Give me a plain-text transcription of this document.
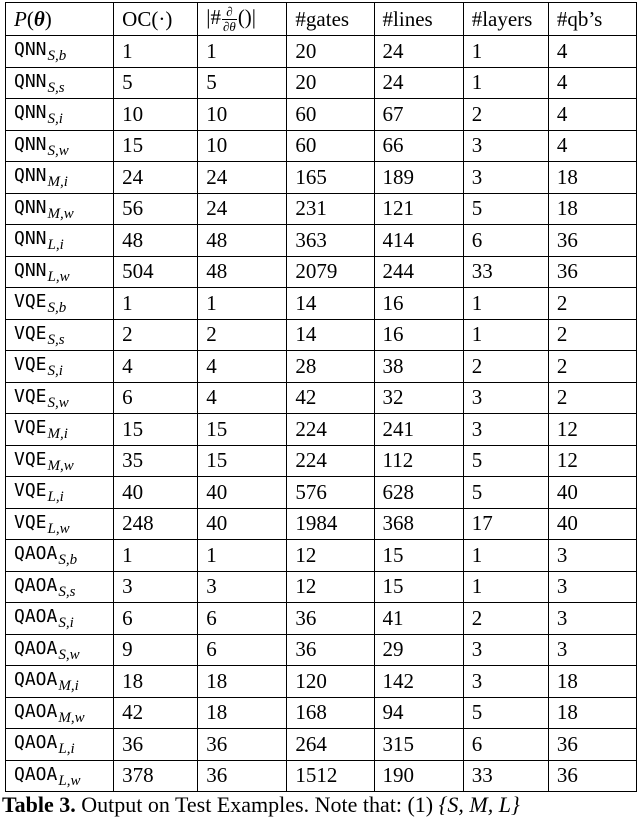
P(θ)	OC(·)	|# $\frac{\partial}{\partial\theta}$ ()|	#gates	#lines	#layers	#qb’s
$QNN_{S,b}$	1	1	20	24	1	4
$QNN_{S,s}$	5	5	20	24	1	4
$QNN_{S,i}$	10	10	60	67	2	4
$QNN_{S,w}$	15	10	60	66	3	4
$QNN_{M,i}$	24	24	165	189	3	18
$QNN_{M,w}$	56	24	231	121	5	18
$QNN_{L,i}$	48	48	363	414	6	36
$QNN_{L,w}$	504	48	2079	244	33	36
$VQE_{S,b}$	1	1	14	16	1	2
$VQE_{S,s}$	2	2	14	16	1	2
$VQE_{S,i}$	4	4	28	38	2	2
$VQE_{S,w}$	6	4	42	32	3	2
$VQE_{M,i}$	15	15	224	241	3	12
$VQE_{M,w}$	35	15	224	112	5	12
$VQE_{L,i}$	40	40	576	628	5	40
$VQE_{L,w}$	248	40	1984	368	17	40
$QAOA_{S,b}$	1	1	12	15	1	3
$QAOA_{S,s}$	3	3	12	15	1	3
$QAOA_{S,i}$	6	6	36	41	2	3
$QAOA_{S,w}$	9	6	36	29	3	3
$QAOA_{M,i}$	18	18	120	142	3	18
$QAOA_{M,w}$	42	18	168	94	5	18
$QAOA_{L,i}$	36	36	264	315	6	36
$QAOA_{L,w}$	378	36	1512	190	33	36
Table 3. Output on Test Examples. Note that: (1) {S, M, L}
